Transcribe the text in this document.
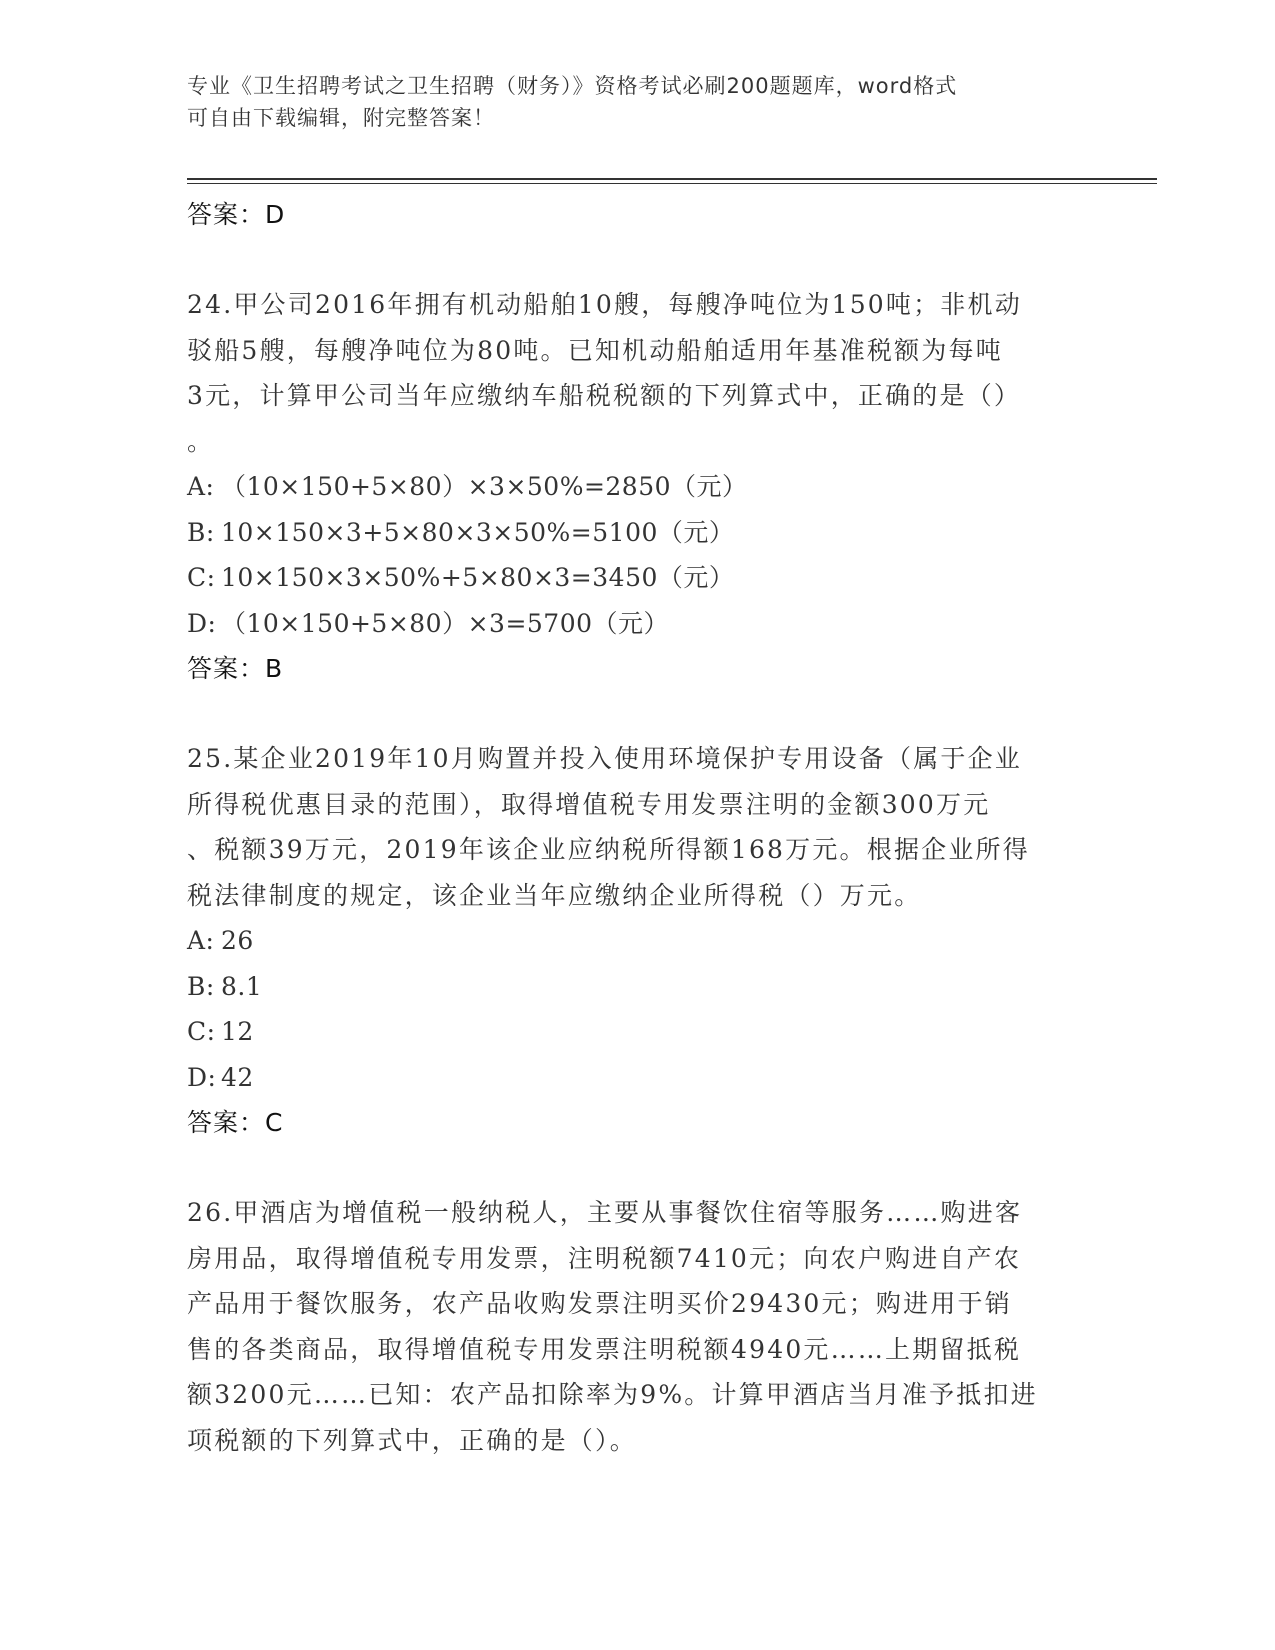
专业《卫生招聘考试之卫生招聘（财务）》资格考试必刷200题题库，word格式
可自由下载编辑，附完整答案！
答案：D
24.甲公司2016年拥有机动船舶10艘，每艘净吨位为150吨；非机动
驳船5艘，每艘净吨位为80吨。已知机动船舶适用年基准税额为每吨
3元，计算甲公司当年应缴纳车船税税额的下列算式中，正确的是（）
。
A: （10×150+5×80）×3×50%=2850（元）
B: 10×150×3+5×80×3×50%=5100（元）
C: 10×150×3×50%+5×80×3=3450（元）
D: （10×150+5×80）×3=5700（元）
答案：B
25.某企业2019年10月购置并投入使用环境保护专用设备（属于企业
所得税优惠目录的范围），取得增值税专用发票注明的金额300万元
、税额39万元，2019年该企业应纳税所得额168万元。根据企业所得
税法律制度的规定，该企业当年应缴纳企业所得税（）万元。
A: 26
B: 8.1
C: 12
D: 42
答案：C
26.甲酒店为增值税一般纳税人，主要从事餐饮住宿等服务……购进客
房用品，取得增值税专用发票，注明税额7410元；向农户购进自产农
产品用于餐饮服务，农产品收购发票注明买价29430元；购进用于销
售的各类商品，取得增值税专用发票注明税额4940元……上期留抵税
额3200元……已知：农产品扣除率为9%。计算甲酒店当月准予抵扣进
项税额的下列算式中，正确的是（）。
